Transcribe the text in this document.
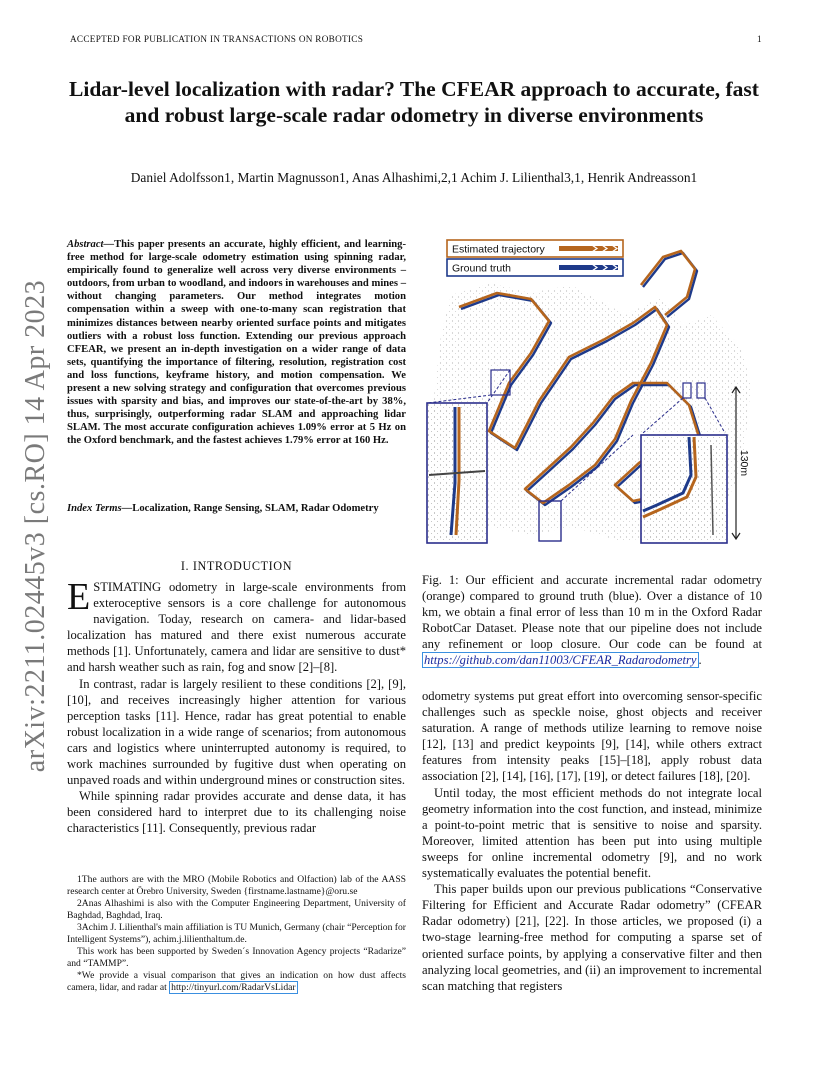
ACCEPTED FOR PUBLICATION IN TRANSACTIONS ON ROBOTICS	1
Lidar-level localization with radar? The CFEAR approach to accurate, fast and robust large-scale radar odometry in diverse environments
Daniel Adolfsson1, Martin Magnusson1, Anas Alhashimi,2,1 Achim J. Lilienthal3,1, Henrik Andreasson1
arXiv:2211.02445v3 [cs.RO] 14 Apr 2023
Abstract—This paper presents an accurate, highly efficient, and learning-free method for large-scale odometry estimation using spinning radar, empirically found to generalize well across very diverse environments – outdoors, from urban to woodland, and indoors in warehouses and mines – without changing parameters. Our method integrates motion compensation within a sweep with one-to-many scan registration that minimizes distances between nearby oriented surface points and mitigates outliers with a robust loss function. Extending our previous approach CFEAR, we present an in-depth investigation on a wider range of data sets, quantifying the importance of filtering, resolution, registration cost and loss functions, keyframe history, and motion compensation. We present a new solving strategy and configuration that overcomes previous issues with sparsity and bias, and improves our state-of-the-art by 38%, thus, surprisingly, outperforming radar SLAM and approaching lidar SLAM. The most accurate configuration achieves 1.09% error at 5 Hz on the Oxford benchmark, and the fastest achieves 1.79% error at 160 Hz.
Index Terms—Localization, Range Sensing, SLAM, Radar Odometry
I. INTRODUCTION

ESTIMATING odometry in large-scale environments from exteroceptive sensors is a core challenge for autonomous navigation. Today, research on camera- and lidar-based localization has matured and there exist numerous accurate methods [1]. Unfortunately, camera and lidar are sensitive to dust* and harsh weather such as rain, fog and snow [2]–[8].

In contrast, radar is largely resilient to these conditions [2], [9], [10], and receives increasingly higher attention for various perception tasks [11]. Hence, radar has great potential to enable robust localization in a wide range of scenarios; from autonomous cars and logistics where uninterrupted autonomy is required, to work machines surrounded by fugitive dust when operating on unpaved roads and within underground mines or construction sites.

While spinning radar provides accurate and dense data, it has been considered hard to interpret due to its challenging noise characteristics [11]. Consequently, previous radar

1The authors are with the MRO (Mobile Robotics and Olfaction) lab of the AASS research center at Örebro University, Sweden {firstname.lastname}@oru.se

2Anas Alhashimi is also with the Computer Engineering Department, University of Baghdad, Baghdad, Iraq.

3Achim J. Lilienthal's main affiliation is TU Munich, Germany (chair “Perception for Intelligent Systems”), achim.j.lilienthaltum.de.

This work has been supported by Sweden´s Innovation Agency projects “Radarize” and “TAMMP”.

*We provide a visual comparison that gives an indication on how dust affects camera, lidar, and radar at http://tinyurl.com/RadarVsLidar

Estimated trajectory
Ground truth
130m
Fig. 1: Our efficient and accurate incremental radar odometry (orange) compared to ground truth (blue). Over a distance of 10 km, we obtain a final error of less than 10 m in the Oxford Radar RobotCar Dataset. Please note that our pipeline does not include any refinement or loop closure. Our code can be found at https://github.com/dan11003/CFEAR_Radarodometry .

odometry systems put great effort into overcoming sensor-specific challenges such as speckle noise, ghost objects and receiver saturation. A range of methods utilize learning to remove noise [12], [13] and predict keypoints [9], [14], while others extract features from intensity peaks [15]–[18], apply robust data association [2], [14], [16], [17], [19], or detect failures [18], [20].

Until today, the most efficient methods do not integrate local geometry information into the cost function, and instead, minimize a point-to-point metric that is sensitive to noise and sparsity. Moreover, limited attention has been put into using multiple sweeps for online incremental odometry [9], and no work systematically evaluates the potential benefit.

This paper builds upon our previous publications “Conservative Filtering for Efficient and Accurate Radar odometry” (CFEAR Radar odometry) [21], [22]. In those articles, we proposed (i) a two-stage learning-free method for computing a sparse set of oriented surface points, by applying a conservative filter and then analyzing local geometries, and (ii) an improvement to incremental scan matching that registers
